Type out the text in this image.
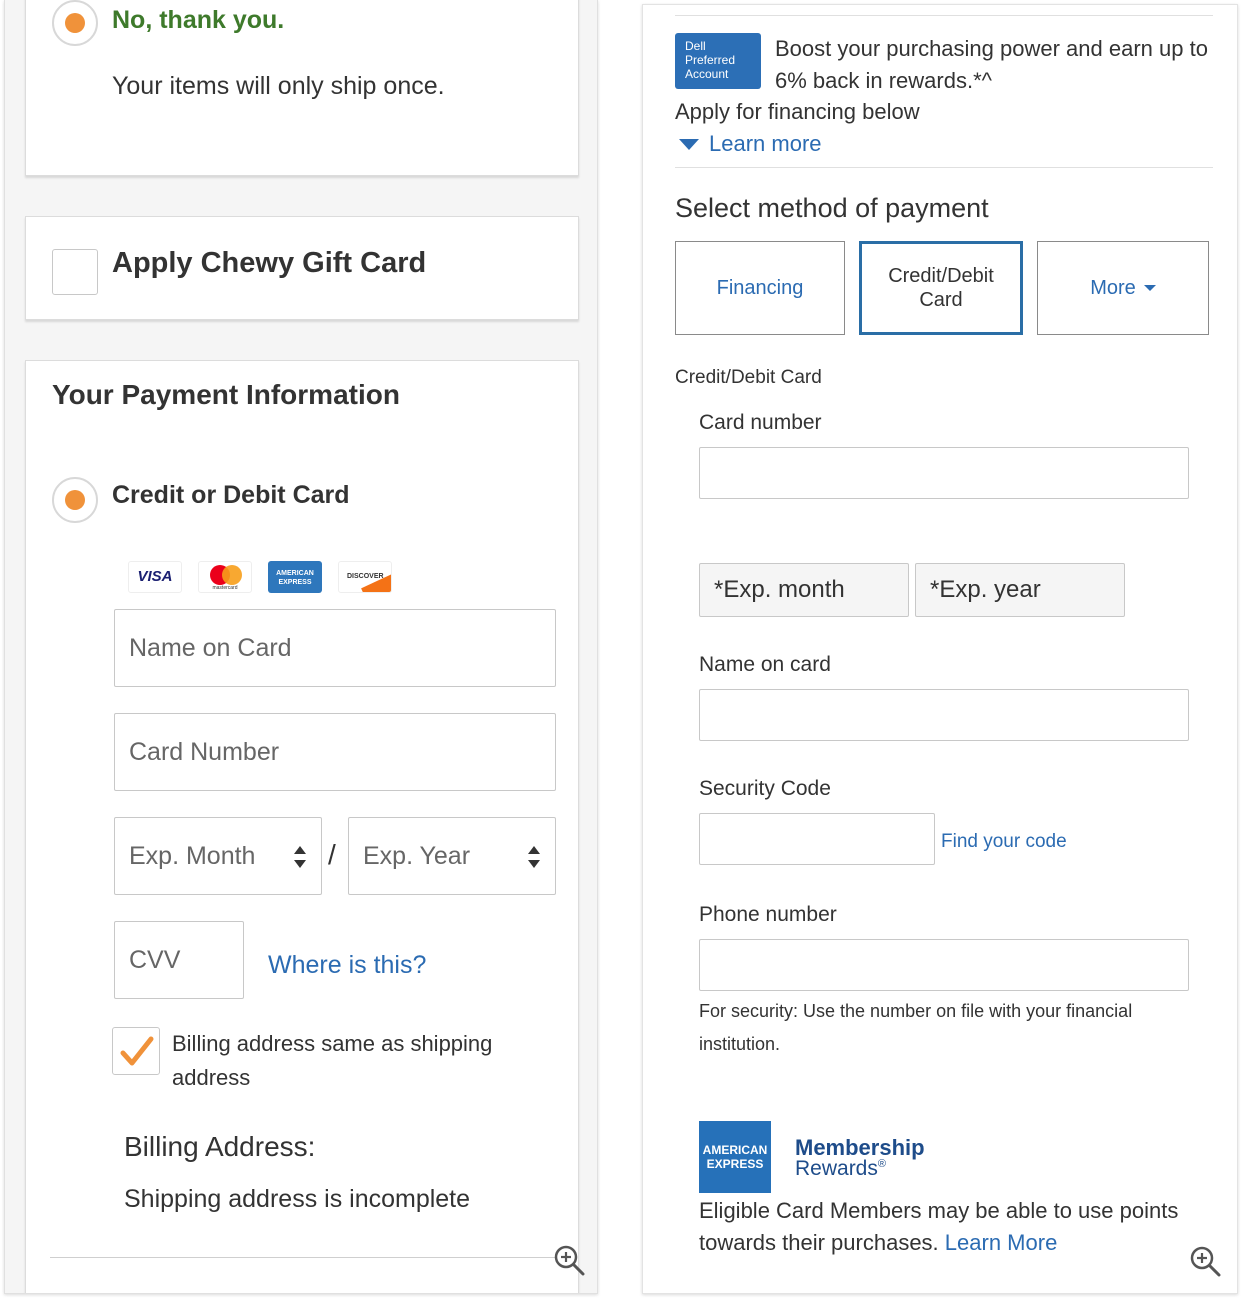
No, thank you.
Your items will only ship once.
Apply Chewy Gift Card
Your Payment Information
Credit or Debit Card
VISA
mastercard
AMERICAN EXPRESS
DISCOVER
Name on Card
Card Number
Exp. Month	/ Exp. Year
CVV	Where is this?
Billing address same as shipping address
Billing Address:
Shipping address is incomplete
Dell Preferred Account
Boost your purchasing power and earn up to 6% back in rewards.*^
Apply for financing below
Learn more
Select method of payment
Financing
Credit/Debit Card
More
Credit/Debit Card
Card number
*Exp. month	*Exp. year
Name on card
Security Code
Find your code
Phone number
For security: Use the number on file with your financial institution.
AMERICAN EXPRESS
Membership
Rewards®
Eligible Card Members may be able to use points towards their purchases. Learn More
